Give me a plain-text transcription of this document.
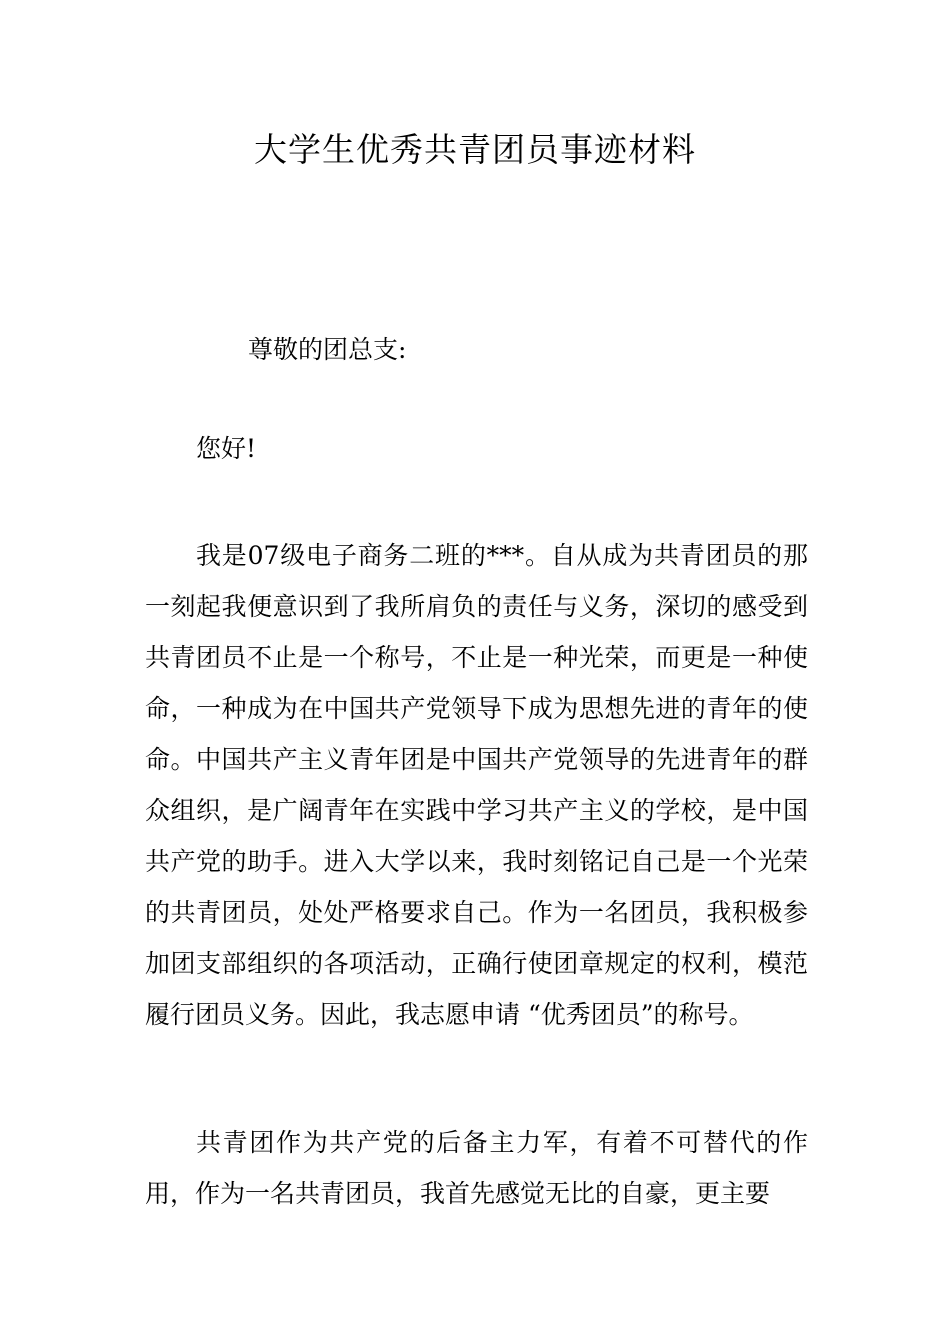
大学生优秀共青团员事迹材料

尊敬的团总支:

您好!

我是07级电子商务二班的***。自从成为共青团员的那一刻起我便意识到了我所肩负的责任与义务，深切的感受到共青团员不止是一个称号，不止是一种光荣，而更是一种使命，一种成为在中国共产党领导下成为思想先进的青年的使命。中国共产主义青年团是中国共产党领导的先进青年的群众组织，是广阔青年在实践中学习共产主义的学校，是中国共产党的助手。进入大学以来，我时刻铭记自己是一个光荣的共青团员，处处严格要求自己。作为一名团员，我积极参加团支部组织的各项活动，正确行使团章规定的权利，模范履行团员义务。因此，我志愿申请 “优秀团员”的称号。

共青团作为共产党的后备主力军，有着不可替代的作用，作为一名共青团员，我首先感觉无比的自豪，更主要
